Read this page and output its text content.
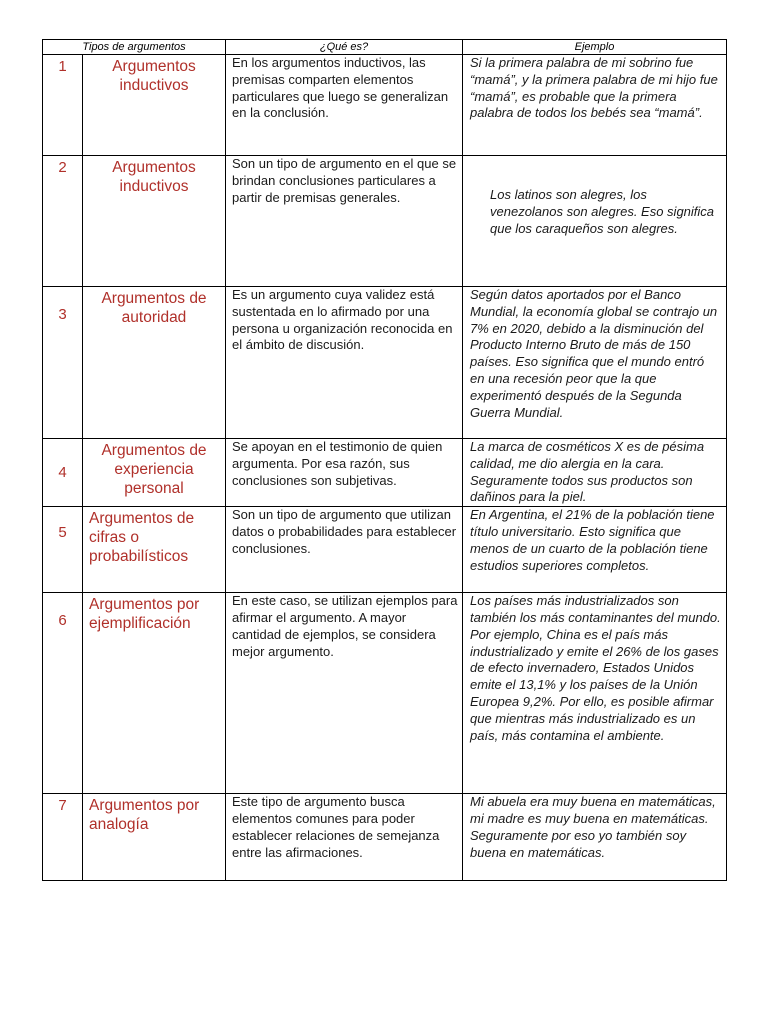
Tipos de argumentos		¿Qué es?	Ejemplo

1	Argumentos inductivos	En los argumentos inductivos, las premisas comparten elementos particulares que luego se generalizan en la conclusión.	Si la primera palabra de mi sobrino fue “mamá”, y la primera palabra de mi hijo fue “mamá”, es probable que la primera palabra de todos los bebés sea “mamá”.

2	Argumentos inductivos	Son un tipo de argumento en el que se brindan conclusiones particulares a partir de premisas generales.	Los latinos son alegres, los venezolanos son alegres. Eso significa que los caraqueños son alegres.

3	Argumentos de autoridad	Es un argumento cuya validez está sustentada en lo afirmado por una persona u organización reconocida en el ámbito de discusión.	Según datos aportados por el Banco Mundial, la economía global se contrajo un 7% en 2020, debido a la disminución del Producto Interno Bruto de más de 150 países. Eso significa que el mundo entró en una recesión peor que la que experimentó después de la Segunda Guerra Mundial.

4	Argumentos de experiencia personal	Se apoyan en el testimonio de quien argumenta. Por esa razón, sus conclusiones son subjetivas.	La marca de cosméticos X es de pésima calidad, me dio alergia en la cara. Seguramente todos sus productos son dañinos para la piel.

5	Argumentos de cifras o probabilísticos	Son un tipo de argumento que utilizan datos o probabilidades para establecer conclusiones.	En Argentina, el 21% de la población tiene título universitario. Esto significa que menos de un cuarto de la población tiene estudios superiores completos.

6	Argumentos por ejemplificación	En este caso, se utilizan ejemplos para afirmar el argumento. A mayor cantidad de ejemplos, se considera mejor argumento.	Los países más industrializados son también los más contaminantes del mundo. Por ejemplo, China es el país más industrializado y emite el 26% de los gases de efecto invernadero, Estados Unidos emite el 13,1% y los países de la Unión Europea 9,2%. Por ello, es posible afirmar que mientras más industrializado es un país, más contamina el ambiente.

7	Argumentos por analogía	Este tipo de argumento busca elementos comunes para poder establecer relaciones de semejanza entre las afirmaciones.	Mi abuela era muy buena en matemáticas, mi madre es muy buena en matemáticas. Seguramente por eso yo también soy buena en matemáticas.
